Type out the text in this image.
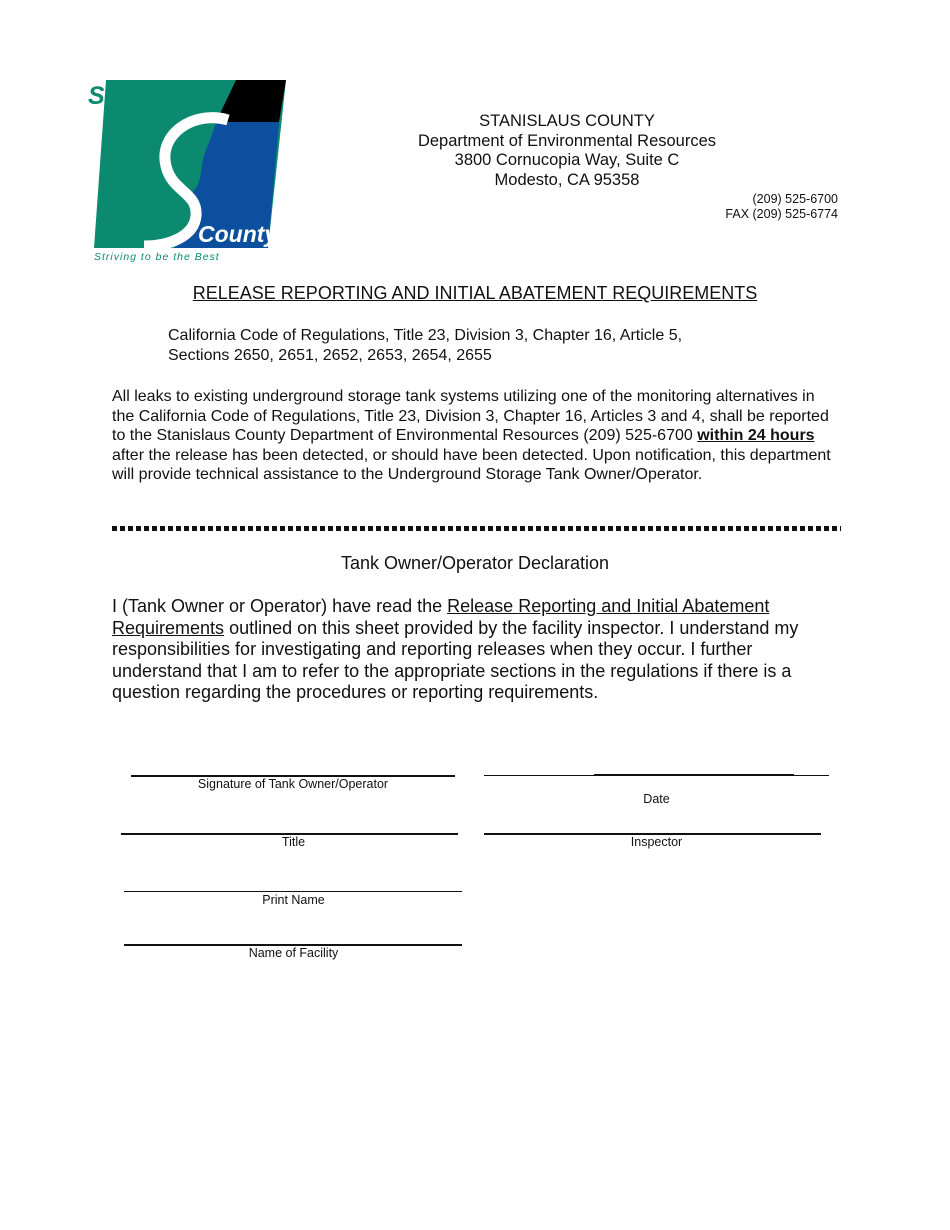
Stanislaus
County
Striving to be the Best
STANISLAUS COUNTY
Department of Environmental Resources
3800 Cornucopia Way, Suite C
Modesto, CA 95358
(209) 525-6700
FAX (209) 525-6774
RELEASE REPORTING AND INITIAL ABATEMENT REQUIREMENTS
California Code of Regulations, Title 23, Division 3, Chapter 16, Article 5,
Sections 2650, 2651, 2652, 2653, 2654, 2655
All leaks to existing underground storage tank systems utilizing one of the monitoring alternatives in the California Code of Regulations, Title 23, Division 3, Chapter 16, Articles 3 and 4, shall be reported to the Stanislaus County Department of Environmental Resources (209) 525-6700 within 24 hours after the release has been detected, or should have been detected. Upon notification, this department will provide technical assistance to the Underground Storage Tank Owner/Operator.
Tank Owner/Operator Declaration
I (Tank Owner or Operator) have read the Release Reporting and Initial Abatement Requirements outlined on this sheet provided by the facility inspector. I understand my responsibilities for investigating and reporting releases when they occur. I further understand that I am to refer to the appropriate sections in the regulations if there is a question regarding the procedures or reporting requirements.
Signature of Tank Owner/Operator
Date
Title	Inspector
Print Name
Name of Facility
